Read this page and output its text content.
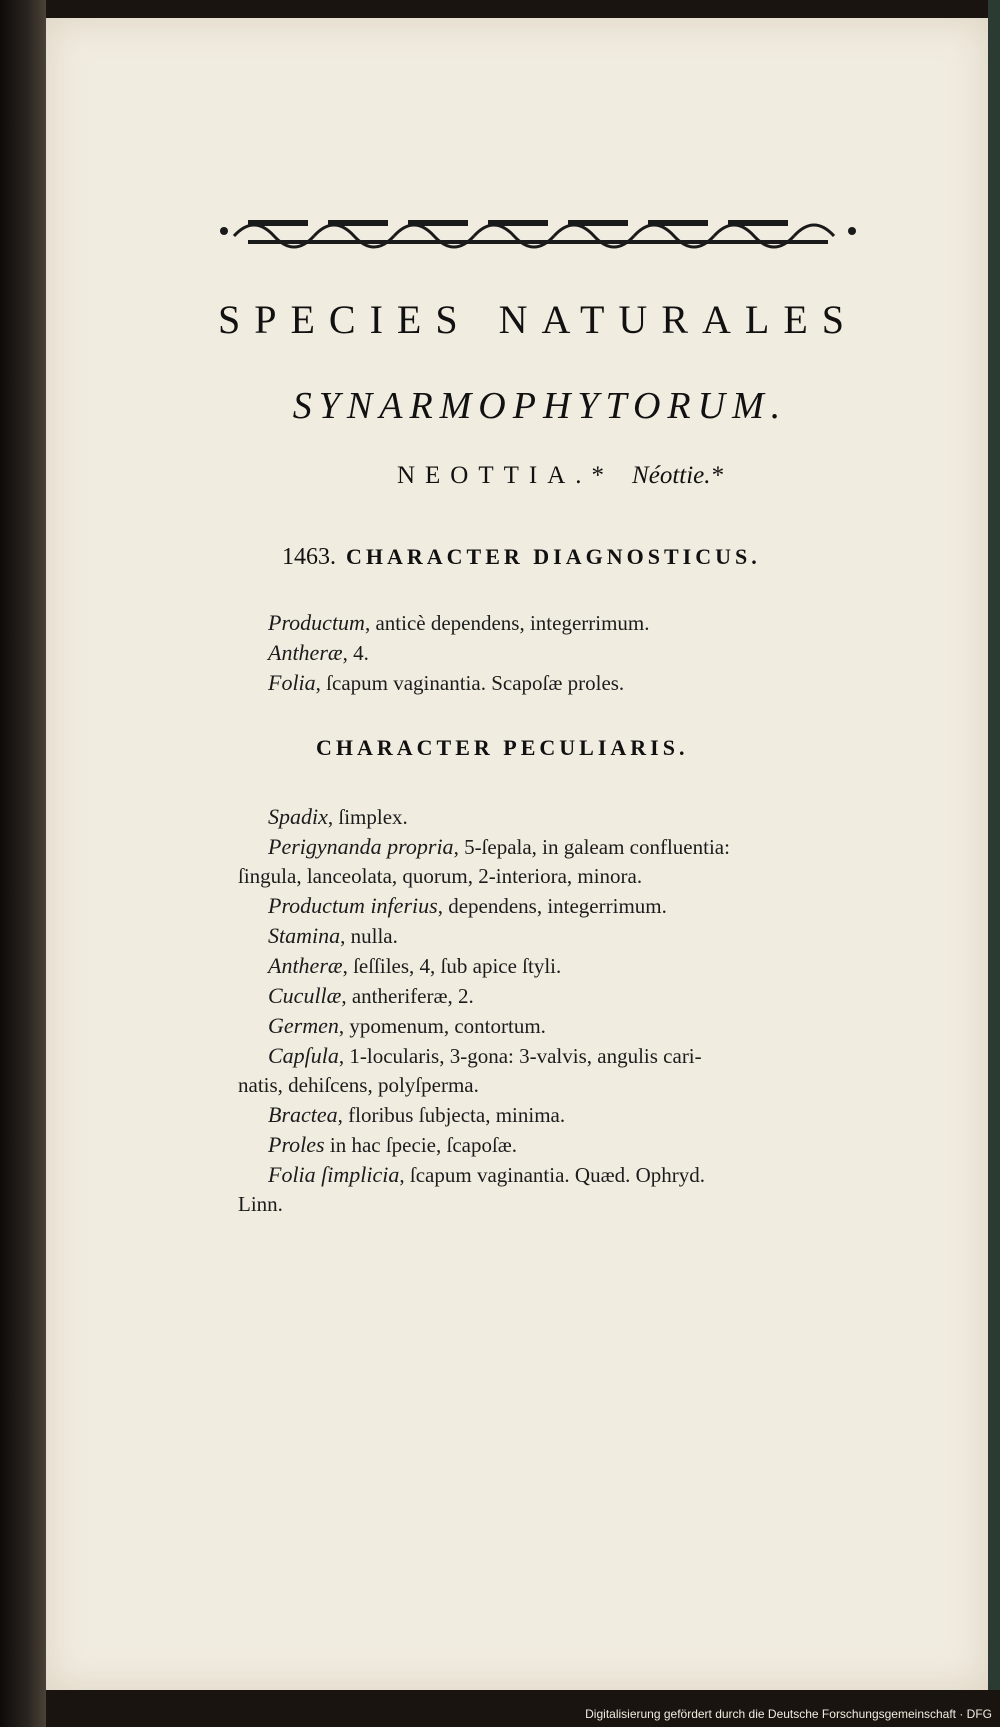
SPECIES NATURALES
SYNARMOPHYTORUM.
NEOTTIA.* Néottie.*
1463. CHARACTER DIAGNOSTICUS.
Productum, anticè dependens, integerrimum.
Antheræ, 4.
Folia, ſcapum vaginantia. Scapoſæ proles.
CHARACTER PECULIARIS.
Spadix, ſimplex.
Perigynanda propria, 5-ſepala, in galeam confluentia:
ſingula, lanceolata, quorum, 2-interiora, minora.
Productum inferius, dependens, integerrimum.
Stamina, nulla.
Antheræ, ſeſſiles, 4, ſub apice ſtyli.
Cucullæ, antheriferæ, 2.
Germen, ypomenum, contortum.
Capſula, 1-locularis, 3-gona: 3-valvis, angulis cari-
natis, dehiſcens, polyſperma.
Bractea, floribus ſubjecta, minima.
Proles in hac ſpecie, ſcapoſæ.
Folia ſimplicia, ſcapum vaginantia. Quæd. Ophryd.
Linn.
Digitalisierung gefördert durch die Deutsche Forschungsgemeinschaft · DFG
